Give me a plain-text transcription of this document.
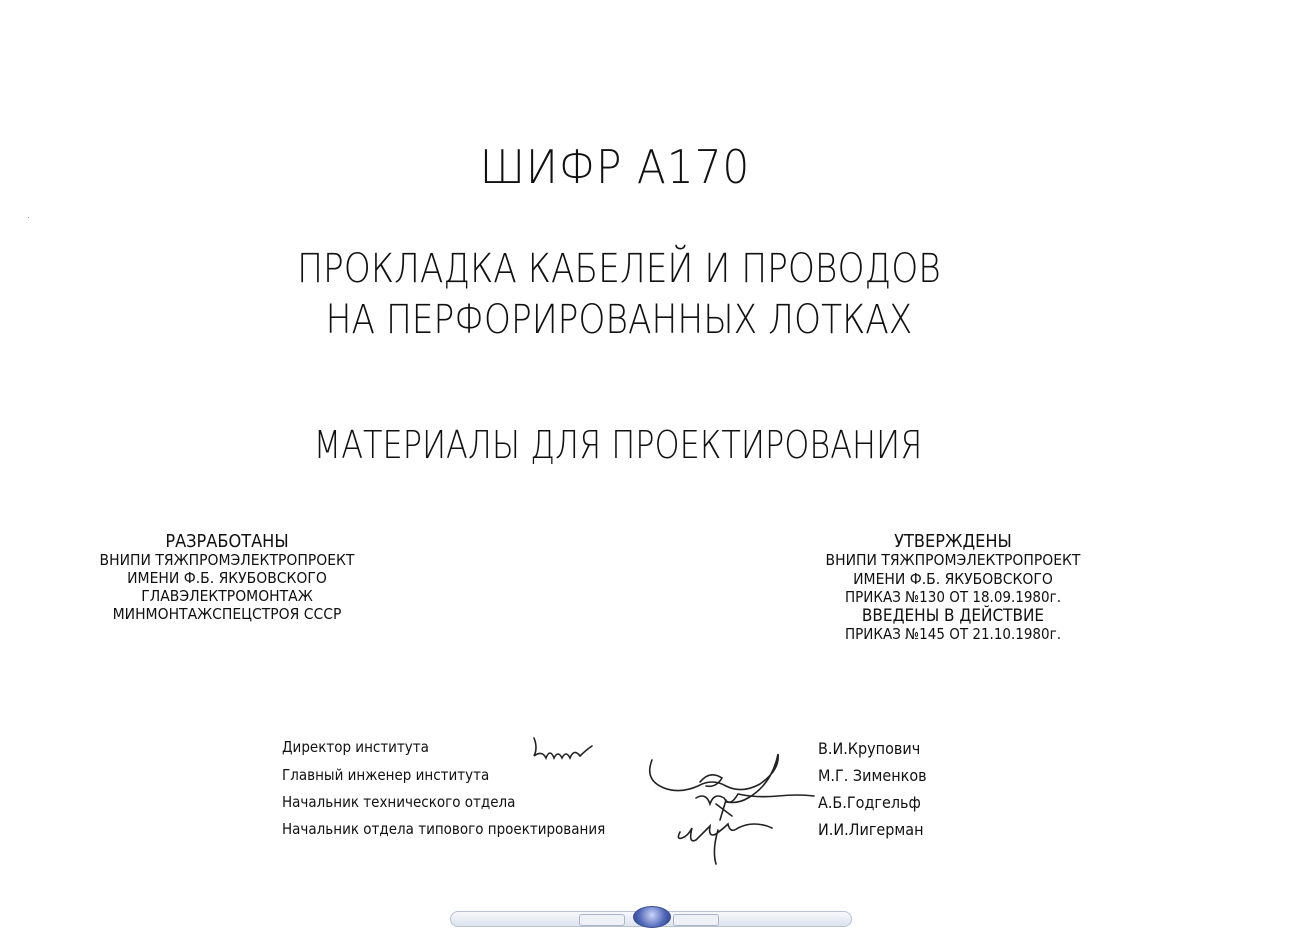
ШИФР А170
ПРОКЛАДКА КАБЕЛЕЙ И ПРОВОДОВ
НА ПЕРФОРИРОВАННЫХ ЛОТКАХ
МАТЕРИАЛЫ ДЛЯ ПРОЕКТИРОВАНИЯ
РАЗРАБОТАНЫ
ВНИПИ ТЯЖПРОМЭЛЕКТРОПРОЕКТ
ИМЕНИ Ф.Б. ЯКУБОВСКОГО
ГЛАВЭЛЕКТРОМОНТАЖ
МИНМОНТАЖСПЕЦСТРОЯ СССР
УТВЕРЖДЕНЫ
ВНИПИ ТЯЖПРОМЭЛЕКТРОПРОЕКТ
ИМЕНИ Ф.Б. ЯКУБОВСКОГО
ПРИКАЗ №130 ОТ 18.09.1980г.
ВВЕДЕНЫ В ДЕЙСТВИЕ
ПРИКАЗ №145 ОТ 21.10.1980г.
Директор института
Главный инженер института
Начальник технического отдела
Начальник отдела типового проектирования
В.И.Крупович
М.Г. Зименков
А.Б.Годгельф
И.И.Лигерман
